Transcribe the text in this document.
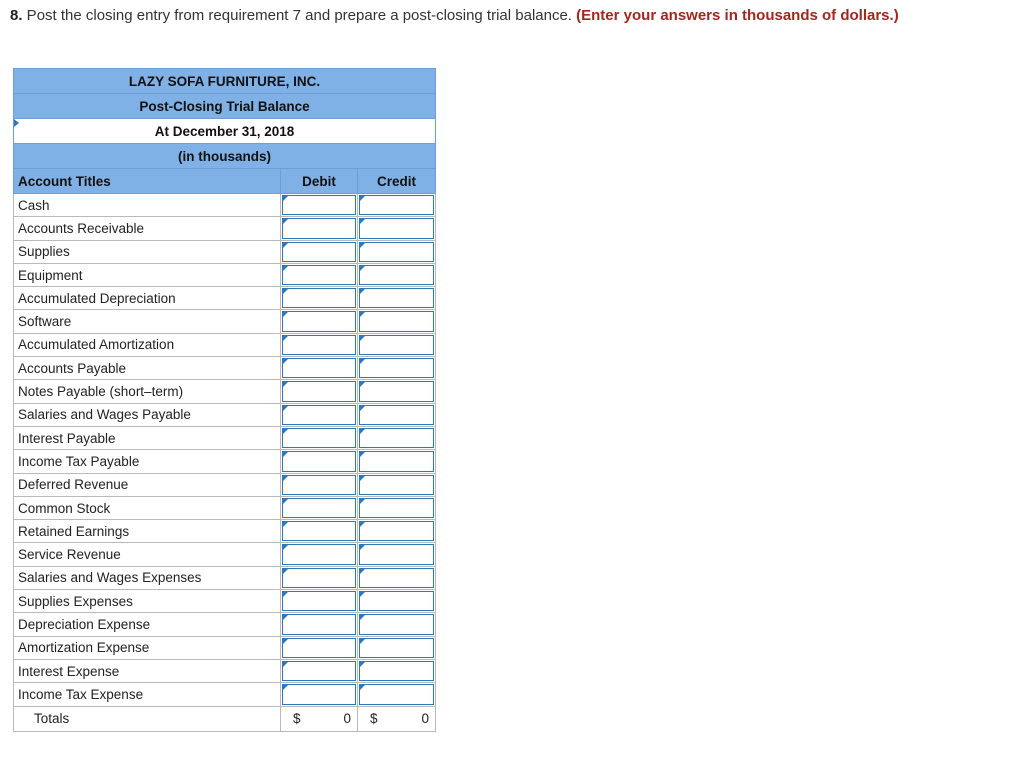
8. Post the closing entry from requirement 7 and prepare a post-closing trial balance. (Enter your answers in thousands of dollars.)
LAZY SOFA FURNITURE, INC.		
Post-Closing Trial Balance		

At December 31, 2018		
(in thousands)		
Account Titles	Debit	Credit
Cash	

Accounts Receivable	

Supplies	

Equipment	

Accumulated Depreciation	

Software	

Accumulated Amortization	

Accounts Payable	

Notes Payable (short–term)	

Salaries and Wages Payable	

Interest Payable	

Income Tax Payable	

Deferred Revenue	

Common Stock	

Retained Earnings	

Service Revenue	

Salaries and Wages Expenses	

Supplies Expenses	

Depreciation Expense	

Amortization Expense	

Interest Expense	

Income Tax Expense	

Totals	$ 0	$ 0
